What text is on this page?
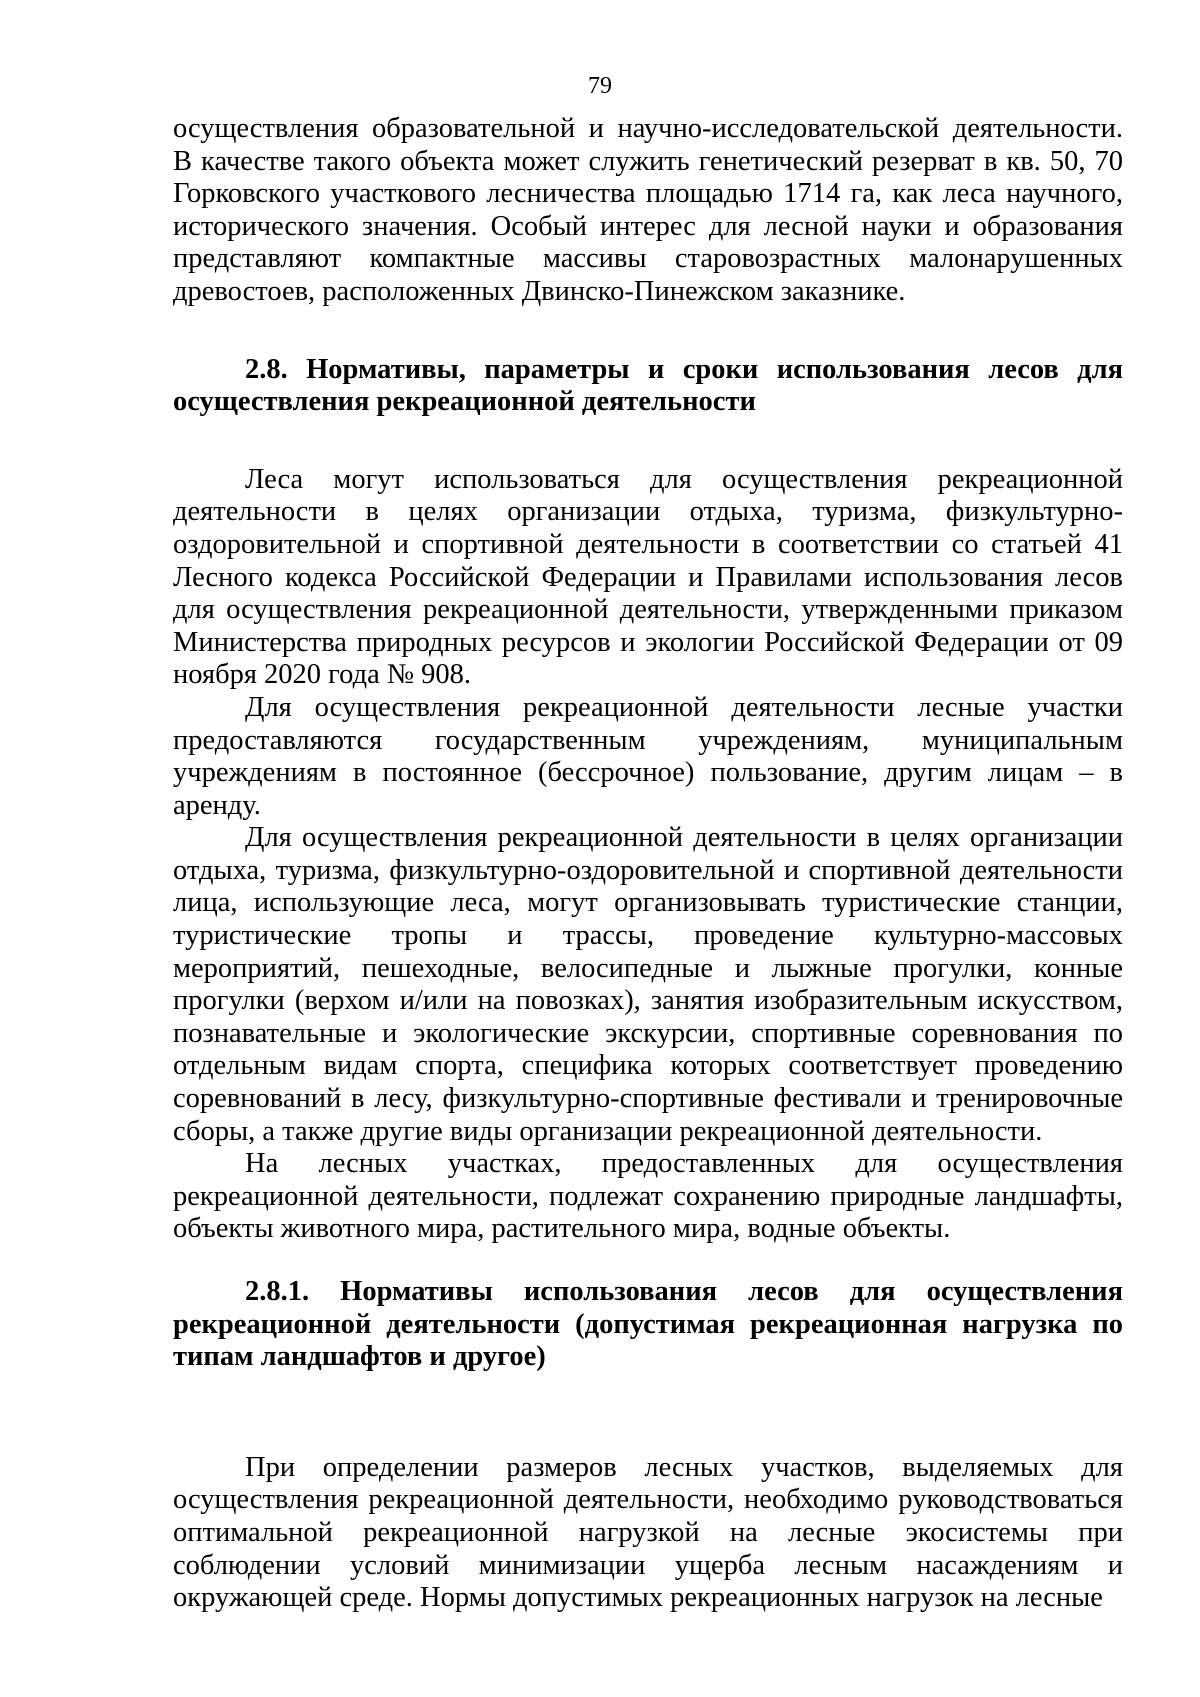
79

осуществления образовательной и научно-исследовательской деятельности. В качестве такого объекта может служить генетический резерват в кв. 50, 70 Горковского участкового лесничества площадью 1714 га, как леса научного, исторического значения. Особый интерес для лесной науки и образования представляют компактные массивы старовозрастных малонарушенных древостоев, расположенных Двинско-Пинежском заказнике.

2.8. Нормативы, параметры и сроки использования лесов для осуществления рекреационной деятельности

Леса могут использоваться для осуществления рекреационной деятельности в целях организации отдыха, туризма, физкультурно-оздоровительной и спортивной деятельности в соответствии со статьей 41 Лесного кодекса Российской Федерации и Правилами использования лесов для осуществления рекреационной деятельности, утвержденными приказом Министерства природных ресурсов и экологии Российской Федерации от 09 ноября 2020 года № 908.

Для осуществления рекреационной деятельности лесные участки предоставляются государственным учреждениям, муниципальным учреждениям в постоянное (бессрочное) пользование, другим лицам – в аренду.

Для осуществления рекреационной деятельности в целях организации отдыха, туризма, физкультурно-оздоровительной и спортивной деятельности лица, использующие леса, могут организовывать туристические станции, туристические тропы и трассы, проведение культурно-массовых мероприятий, пешеходные, велосипедные и лыжные прогулки, конные прогулки (верхом и/или на повозках), занятия изобразительным искусством, познавательные и экологические экскурсии, спортивные соревнования по отдельным видам спорта, специфика которых соответствует проведению соревнований в лесу, физкультурно-спортивные фестивали и тренировочные сборы, а также другие виды организации рекреационной деятельности.

На лесных участках, предоставленных для осуществления рекреационной деятельности, подлежат сохранению природные ландшафты, объекты животного мира, растительного мира, водные объекты.

2.8.1. Нормативы использования лесов для осуществления рекреационной деятельности (допустимая рекреационная нагрузка по типам ландшафтов и другое)

При определении размеров лесных участков, выделяемых для осуществления рекреационной деятельности, необходимо руководствоваться оптимальной рекреационной нагрузкой на лесные экосистемы при соблюдении условий минимизации ущерба лесным насаждениям и окружающей среде. Нормы допустимых рекреационных нагрузок на лесные
